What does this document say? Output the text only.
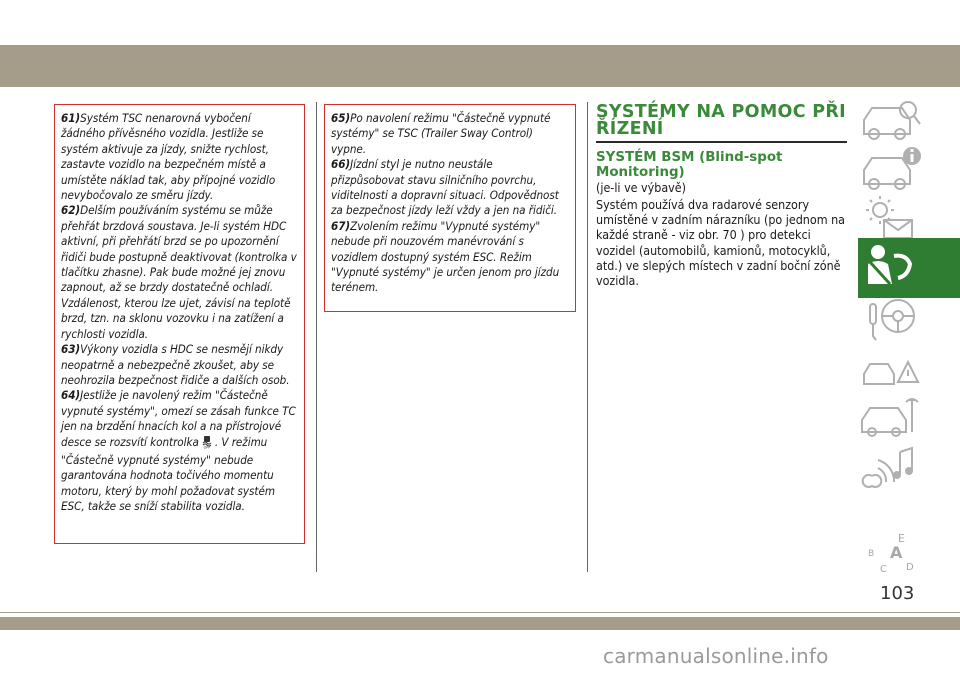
61)Systém TSC nenarovná vybočení žádného přívěsného vozidla. Jestliže se systém aktivuje za jízdy, snižte rychlost, zastavte vozidlo na bezpečném místě a umístěte náklad tak, aby přípojné vozidlo nevybočovalo ze směru jízdy.

62)Delším používáním systému se může přehřát brzdová soustava. Je-li systém HDC aktivní, při přehřátí brzd se po upozornění řidiči bude postupně deaktivovat (kontrolka v tlačítku zhasne). Pak bude možné jej znovu zapnout, až se brzdy dostatečně ochladí. Vzdálenost, kterou lze ujet, závisí na teplotě brzd, tzn. na sklonu vozovku i na zatížení a rychlosti vozidla.

63)Výkony vozidla s HDC se nesmějí nikdy neopatrně a nebezpečně zkoušet, aby se neohrozila bezpečnost řidiče a dalších osob.

64)Jestliže je navolený režim "Částečně vypnuté systémy", omezí se zásah funkce TC jen na brzdění hnacích kol a na přístrojové desce se rozsvítí kontrolka OFF . V režimu "Částečně vypnuté systémy" nebude garantována hodnota točivého momentu motoru, který by mohl požadovat systém ESC, takže se sníží stabilita vozidla.

65)Po navolení režimu "Částečně vypnuté systémy" se TSC (Trailer Sway Control) vypne.

66)Jízdní styl je nutno neustále přizpůsobovat stavu silničního povrchu, viditelnosti a dopravní situaci. Odpovědnost za bezpečnost jízdy leží vždy a jen na řidiči.

67)Zvolením režimu "Vypnuté systémy" nebude při nouzovém manévrování s vozidlem dostupný systém ESC. Režim "Vypnuté systémy" je určen jenom pro jízdu terénem.

SYSTÉMY NA POMOC PŘI ŘÍZENÍ
SYSTÉM BSM (Blind-spot Monitoring)
(je-li ve výbavě)
Systém používá dva radarové senzory umístěné v zadním nárazníku (po jednom na každé straně - viz obr. 70 ) pro detekci vozidel (automobilů, kamionů, motocyklů, atd.) ve slepých místech v zadní boční zóně vozidla.
E
B A
C D
103
carmanualsonline.info
